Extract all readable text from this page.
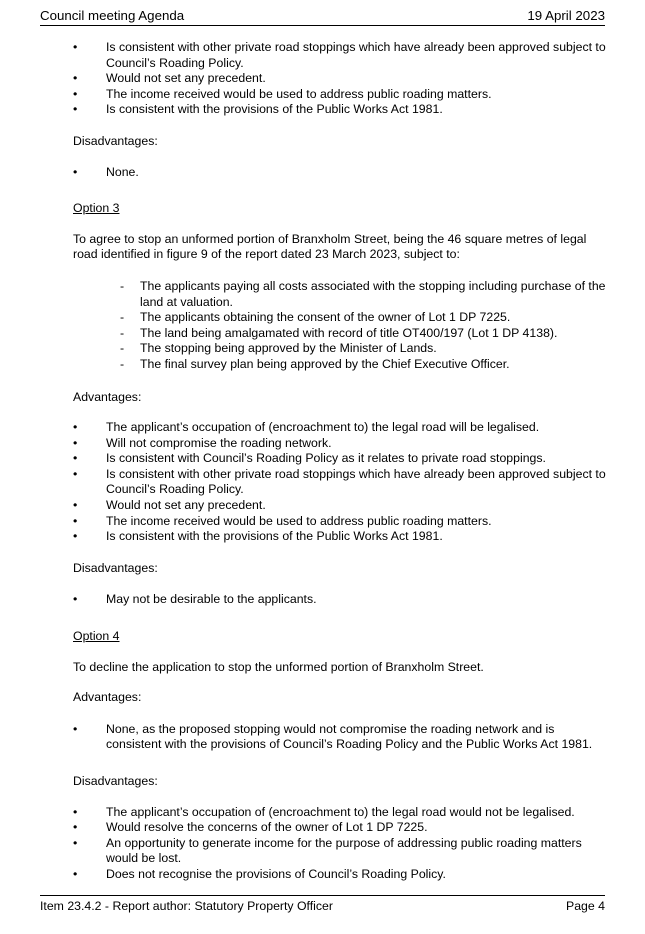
Council meeting Agenda	19 April 2023
• Is consistent with other private road stoppings which have already been approved subject to Council’s Roading Policy.
• Would not set any precedent.
• The income received would be used to address public roading matters.
• Is consistent with the provisions of the Public Works Act 1981.

Disadvantages:

• None.

Option 3

To agree to stop an unformed portion of Branxholm Street, being the 46 square metres of legal road identified in figure 9 of the report dated 23 March 2023, subject to:

- The applicants paying all costs associated with the stopping including purchase of the land at valuation.
- The applicants obtaining the consent of the owner of Lot 1 DP 7225.
- The land being amalgamated with record of title OT400/197 (Lot 1 DP 4138).
- The stopping being approved by the Minister of Lands.
- The final survey plan being approved by the Chief Executive Officer.

Advantages:

• The applicant’s occupation of (encroachment to) the legal road will be legalised.
• Will not compromise the roading network.
• Is consistent with Council’s Roading Policy as it relates to private road stoppings.
• Is consistent with other private road stoppings which have already been approved subject to Council’s Roading Policy.
• Would not set any precedent.
• The income received would be used to address public roading matters.
• Is consistent with the provisions of the Public Works Act 1981.

Disadvantages:

• May not be desirable to the applicants.

Option 4

To decline the application to stop the unformed portion of Branxholm Street.

Advantages:

• None, as the proposed stopping would not compromise the roading network and is consistent with the provisions of Council’s Roading Policy and the Public Works Act 1981.

Disadvantages:

• The applicant’s occupation of (encroachment to) the legal road would not be legalised.
• Would resolve the concerns of the owner of Lot 1 DP 7225.
• An opportunity to generate income for the purpose of addressing public roading matters would be lost.
• Does not recognise the provisions of Council’s Roading Policy.
Item 23.4.2 - Report author: Statutory Property Officer	Page 4
